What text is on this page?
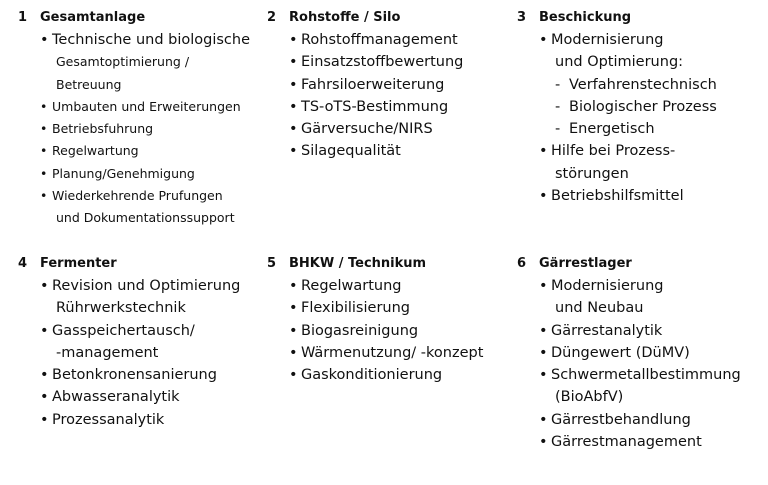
1 Gesamtanlage
• Technische und biologische
Gesamtoptimierung /
Betreuung
• Umbauten und Erweiterungen
• Betriebsfuhrung
• Regelwartung
• Planung/Genehmigung
• Wiederkehrende Prufungen
und Dokumentationssupport
2 Rohstoffe / Silo
• Rohstoffmanagement
• Einsatzstoffbewertung
• Fahrsiloerweiterung
• TS-oTS-Bestimmung
• Gärversuche/NIRS
• Silagequalität
3 Beschickung
• Modernisierung
und Optimierung:
- Verfahrenstechnisch
- Biologischer Prozess
- Energetisch
• Hilfe bei Prozess-
störungen
• Betriebshilfsmittel
4 Fermenter
• Revision und Optimierung
Rührwerkstechnik
• Gasspeichertausch/
-management
• Betonkronensanierung
• Abwasseranalytik
• Prozessanalytik
5 BHKW / Technikum
• Regelwartung
• Flexibilisierung
• Biogasreinigung
• Wärmenutzung/ -konzept
• Gaskonditionierung
6 Gärrestlager
• Modernisierung
und Neubau
• Gärrestanalytik
• Düngewert (DüMV)
• Schwermetallbestimmung
(BioAbfV)
• Gärrestbehandlung
• Gärrestmanagement
